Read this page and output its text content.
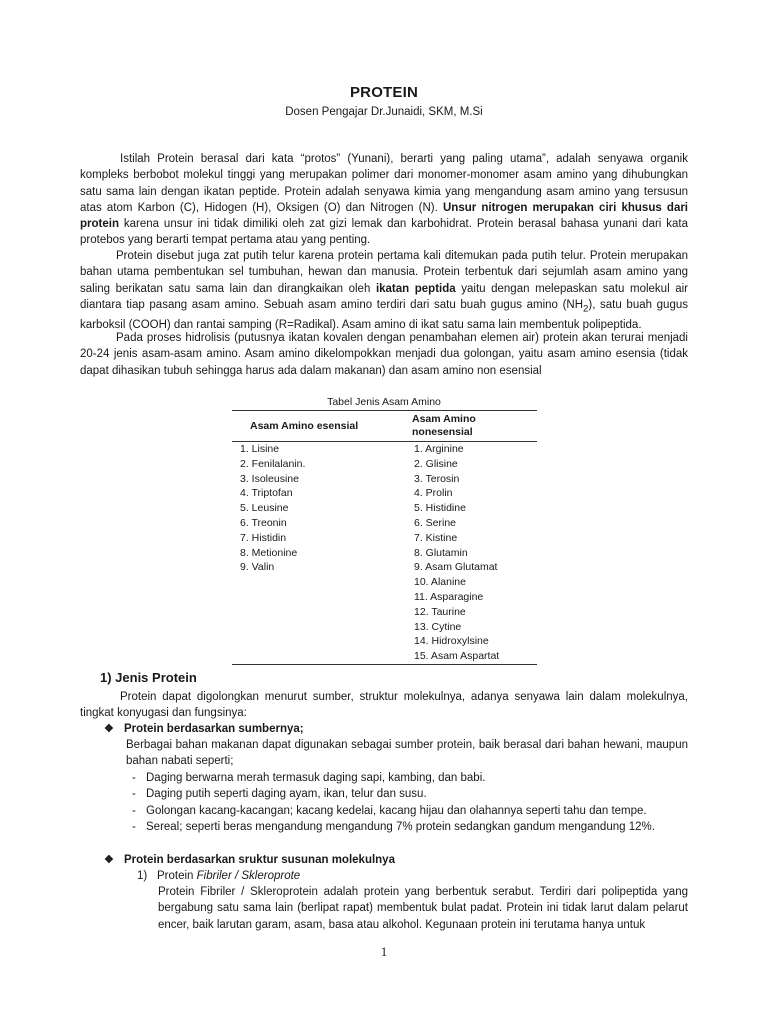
PROTEIN
Dosen Pengajar Dr.Junaidi, SKM, M.Si

Istilah Protein berasal dari kata “protos” (Yunani), berarti yang paling utama”, adalah senyawa organik kompleks berbobot molekul tinggi yang merupakan polimer dari monomer-monomer asam amino yang dihubungkan satu sama lain dengan ikatan peptide. Protein adalah senyawa kimia yang mengandung asam amino yang tersusun atas atom Karbon (C), Hidogen (H), Oksigen (O) dan Nitrogen (N). Unsur nitrogen merupakan ciri khusus dari protein karena unsur ini tidak dimiliki oleh zat gizi lemak dan karbohidrat. Protein berasal bahasa yunani dari kata protebos yang berarti tempat pertama atau yang penting.

Protein disebut juga zat putih telur karena protein pertama kali ditemukan pada putih telur. Protein merupakan bahan utama pembentukan sel tumbuhan, hewan dan manusia. Protein terbentuk dari sejumlah asam amino yang saling berikatan satu sama lain dan dirangkaikan oleh ikatan peptida yaitu dengan melepaskan satu molekul air diantara tiap pasang asam amino. Sebuah asam amino terdiri dari satu buah gugus amino $(NH_2)$, satu buah gugus karboksil (COOH) dan rantai samping (R=Radikal). Asam amino di ikat satu sama lain membentuk polipeptida.

Pada proses hidrolisis (putusnya ikatan kovalen dengan penambahan elemen air) protein akan terurai menjadi 20-24 jenis asam-asam amino. Asam amino dikelompokkan menjadi dua golongan, yaitu asam amino esensia (tidak dapat dihasikan tubuh sehingga harus ada dalam makanan) dan asam amino non esensial

Tabel Jenis Asam Amino
Asam Amino esensial	Asam Amino nonesensial
1. Lisine	1. Arginine
2. Fenilalanin.	2. Glisine
3. Isoleusine	3. Terosin
4. Triptofan	4. Prolin
5. Leusine	5. Histidine
6. Treonin	6. Serine
7. Histidin	7. Kistine
8. Metionine	8. Glutamin
9. Valin	9. Asam Glutamat
	10. Alanine
	11. Asparagine
	12. Taurine
	13. Cytine
	14. Hidroxylsine
	15. Asam Aspartat
1) Jenis Protein

Protein dapat digolongkan menurut sumber, struktur molekulnya, adanya senyawa lain dalam molekulnya, tingkat konyugasi dan fungsinya:

❖ Protein berdasarkan sumbernya;
Berbagai bahan makanan dapat digunakan sebagai sumber protein, baik berasal dari bahan hewani, maupun bahan nabati seperti;
- Daging berwarna merah termasuk daging sapi, kambing, dan babi.
- Daging putih seperti daging ayam, ikan, telur dan susu.
- Golongan kacang-kacangan; kacang kedelai, kacang hijau dan olahannya seperti tahu dan tempe.
- Sereal; seperti beras mengandung mengandung 7% protein sedangkan gandum mengandung 12%.
❖ Protein berdasarkan sruktur susunan molekulnya
1) Protein Fibriler / Skleroprote
Protein Fibriler / Skleroprotein adalah protein yang berbentuk serabut. Terdiri dari polipeptida yang bergabung satu sama lain (berlipat rapat) membentuk bulat padat. Protein ini tidak larut dalam pelarut encer, baik larutan garam, asam, basa atau alkohol. Kegunaan protein ini terutama hanya untuk
1
